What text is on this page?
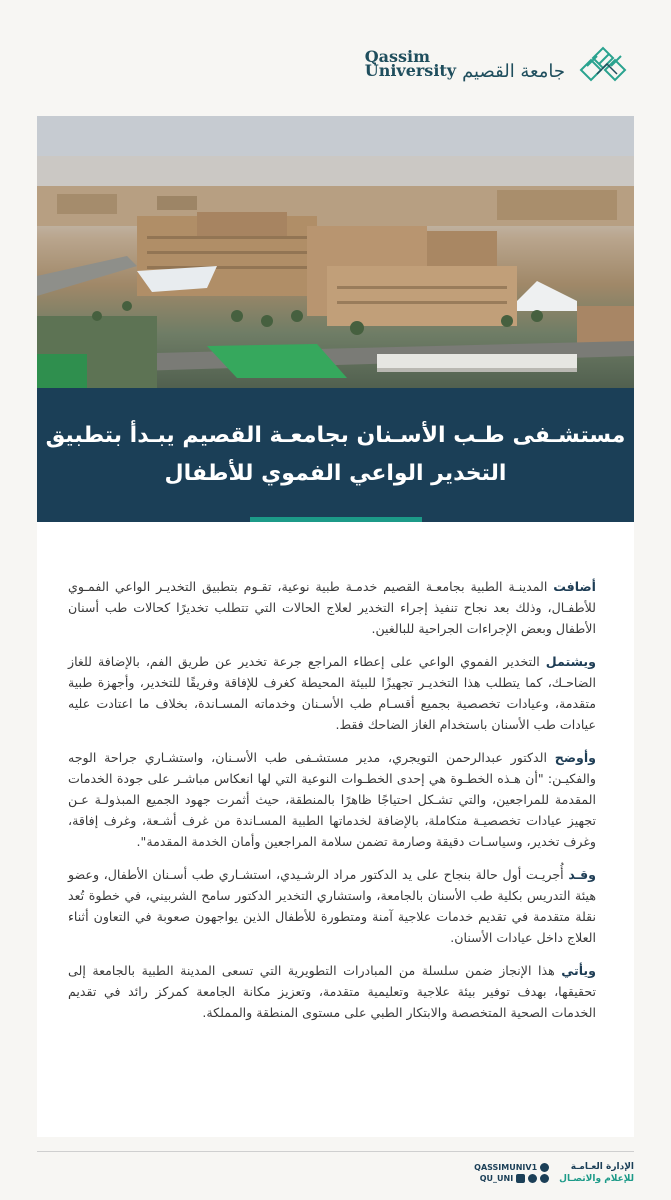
Qassim
University جامعة القصيم
مستشـفى طـب الأسـنان بجامعـة القصيم يبـدأ بتطبيق
التخدير الواعي الفموي للأطفال

أضافت المدينـة الطبية بجامعـة القصيم خدمـة طبية نوعية، تقـوم بتطبيق التخديـر الواعي الفمـوي للأطفـال، وذلك بعد نجاح تنفيذ إجراء التخدير لعلاج الحالات التي تتطلب تخديرًا كحالات طب أسنان الأطفال وبعض الإجراءات الجراحية للبالغين.

ويشتمل التخدير الفموي الواعي على إعطاء المراجع جرعة تخدير عن طريق الفم، بالإضافة للغاز الضاحـك، كما يتطلب هذا التخديـر تجهيزًا للبيئة المحيطة كغرف للإفاقة وفريقًا للتخدير، وأجهزة طبية متقدمة، وعيادات تخصصية بجميع أقسـام طب الأسـنان وخدماته المسـاندة، بخلاف ما اعتادت عليه عيادات طب الأسنان باستخدام الغاز الضاحك فقط.

وأوضح الدكتور عبدالرحمن التويجري، مدير مستشـفى طب الأسـنان، واستشـاري جراحة الوجه والفكيـن: "أن هـذه الخطـوة هي إحدى الخطـوات النوعية التي لها انعكاس مباشـر على جودة الخدمات المقدمة للمراجعين، والتي تشـكل احتياجًا ظاهرًا بالمنطقة، حيث أثمرت جهود الجميع المبذولـة عـن تجهيز عيادات تخصصيـة متكاملة، بالإضافة لخدماتها الطبية المسـاندة من غرف أشـعة، وغرف إفاقة، وغرف تخدير، وسياسـات دقيقة وصارمة تضمن سلامة المراجعين وأمان الخدمة المقدمة".

وقـد أُجريـت أول حالة بنجاح على يد الدكتور مراد الرشـيدي، استشـاري طب أسـنان الأطفال، وعضو هيئة التدريس بكلية طب الأسنان بالجامعة، واستشاري التخدير الدكتور سامح الشربيني، في خطوة تُعد نقلة متقدمة في تقديم خدمات علاجية آمنة ومتطورة للأطفال الذين يواجهون صعوبة في التعاون أثناء العلاج داخل عيادات الأسنان.

ويأتي هذا الإنجاز ضمن سلسلة من المبادرات التطويرية التي تسعى المدينة الطبية بالجامعة إلى تحقيقها، بهدف توفير بيئة علاجية وتعليمية متقدمة، وتعزيز مكانة الجامعة كمركز رائد في تقديم الخدمات الصحية المتخصصة والابتكار الطبي على مستوى المنطقة والمملكة.

QASSIMUNIV1
QU_UNI
الإدارة العـامـة
للإعلام والاتصـال
